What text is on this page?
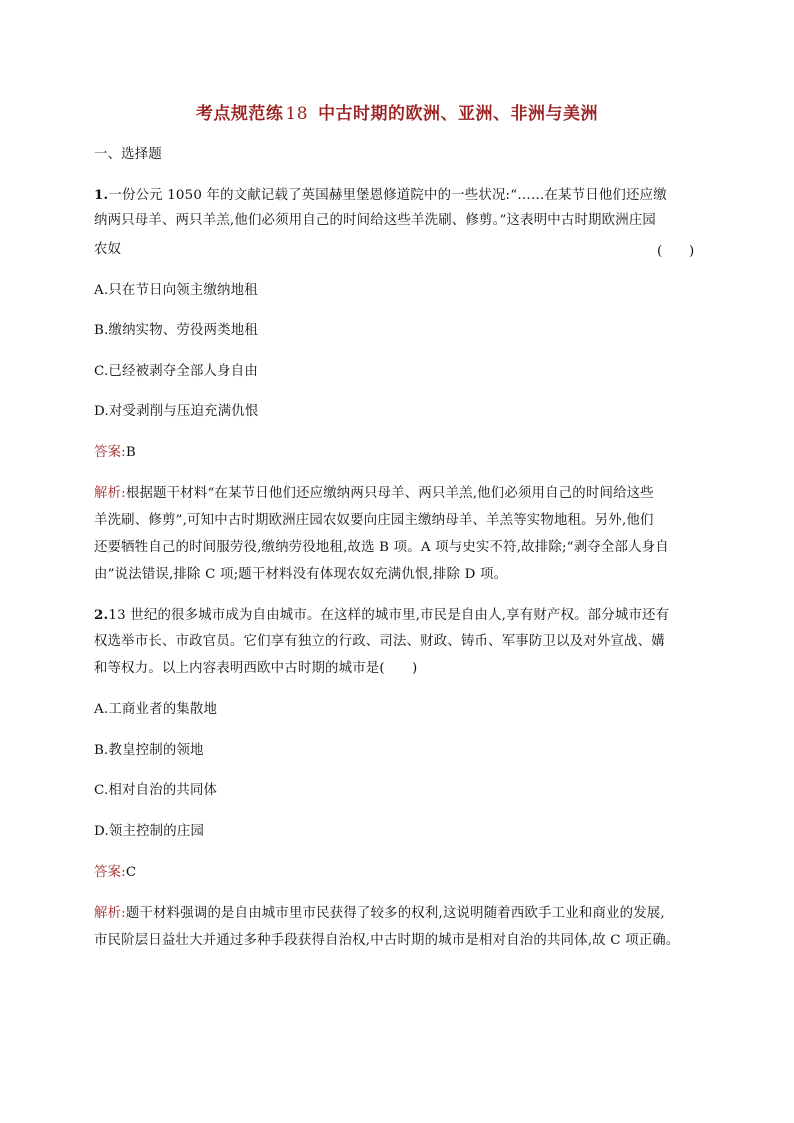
考点规范练 18 中古时期的欧洲、亚洲、非洲与美洲
一、选择题
1.一份公元 1050 年的文献记载了英国赫里堡恩修道院中的一些状况:“……在某节日他们还应缴
纳两只母羊、两只羊羔,他们必须用自己的时间给这些羊洗刷、修剪。”这表明中古时期欧洲庄园
农奴	(　　)
A.只在节日向领主缴纳地租
B.缴纳实物、劳役两类地租
C.已经被剥夺全部人身自由
D.对受剥削与压迫充满仇恨
答案:B
解析:根据题干材料“在某节日他们还应缴纳两只母羊、两只羊羔,他们必须用自己的时间给这些
羊洗刷、修剪”,可知中古时期欧洲庄园农奴要向庄园主缴纳母羊、羊羔等实物地租。另外,他们
还要牺牲自己的时间服劳役,缴纳劳役地租,故选 B 项。A 项与史实不符,故排除;“剥夺全部人身自
由”说法错误,排除 C 项;题干材料没有体现农奴充满仇恨,排除 D 项。
2.13 世纪的很多城市成为自由城市。在这样的城市里,市民是自由人,享有财产权。部分城市还有
权选举市长、市政官员。它们享有独立的行政、司法、财政、铸币、军事防卫以及对外宣战、媾
和等权力。以上内容表明西欧中古时期的城市是(　　)
A.工商业者的集散地
B.教皇控制的领地
C.相对自治的共同体
D.领主控制的庄园
答案:C
解析:题干材料强调的是自由城市里市民获得了较多的权利,这说明随着西欧手工业和商业的发展,
市民阶层日益壮大并通过多种手段获得自治权,中古时期的城市是相对自治的共同体,故 C 项正确。
